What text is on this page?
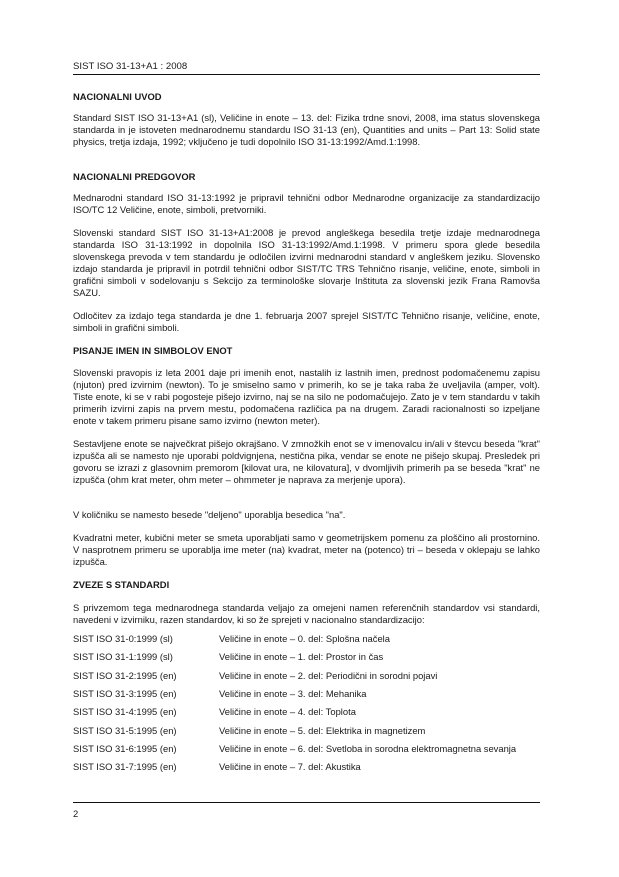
SIST ISO 31-13+A1 : 2008
NACIONALNI UVOD

Standard SIST ISO 31-13+A1 (sl), Veličine in enote – 13. del: Fizika trdne snovi, 2008, ima status slovenskega standarda in je istoveten mednarodnemu standardu ISO 31-13 (en), Quantities and units – Part 13: Solid state physics, tretja izdaja, 1992; vključeno je tudi dopolnilo ISO 31-13:1992/Amd.1:1998.

NACIONALNI PREDGOVOR

Mednarodni standard ISO 31-13:1992 je pripravil tehnični odbor Mednarodne organizacije za standardizacijo ISO/TC 12 Veličine, enote, simboli, pretvorniki.

Slovenski standard SIST ISO 31-13+A1:2008 je prevod angleškega besedila tretje izdaje mednarodnega standarda ISO 31-13:1992 in dopolnila ISO 31-13:1992/Amd.1:1998. V primeru spora glede besedila slovenskega prevoda v tem standardu je odločilen izvirni mednarodni standard v angleškem jeziku. Slovensko izdajo standarda je pripravil in potrdil tehnični odbor SIST/TC TRS Tehnično risanje, veličine, enote, simboli in grafični simboli v sodelovanju s Sekcijo za terminološke slovarje Inštituta za slovenski jezik Frana Ramovša SAZU.

Odločitev za izdajo tega standarda je dne 1. februarja 2007 sprejel SIST/TC Tehnično risanje, veličine, enote, simboli in grafični simboli.

PISANJE IMEN IN SIMBOLOV ENOT

Slovenski pravopis iz leta 2001 daje pri imenih enot, nastalih iz lastnih imen, prednost podomačenemu zapisu (njuton) pred izvirnim (newton). To je smiselno samo v primerih, ko se je taka raba že uveljavila (amper, volt). Tiste enote, ki se v rabi pogosteje pišejo izvirno, naj se na silo ne podomačujejo. Zato je v tem standardu v takih primerih izvirni zapis na prvem mestu, podomačena različica pa na drugem. Zaradi racionalnosti so izpeljane enote v takem primeru pisane samo izvirno (newton meter).

Sestavljene enote se največkrat pišejo okrajšano. V zmnožkih enot se v imenovalcu in/ali v števcu beseda "krat" izpušča ali se namesto nje uporabi poldvignjena, nestična pika, vendar se enote ne pišejo skupaj. Presledek pri govoru se izrazi z glasovnim premorom [kilovat ura, ne kilovatura], v dvomljivih primerih pa se beseda "krat" ne izpušča (ohm krat meter, ohm meter – ohmmeter je naprava za merjenje upora).

V količniku se namesto besede "deljeno" uporablja besedica "na".

Kvadratni meter, kubični meter se smeta uporabljati samo v geometrijskem pomenu za ploščino ali prostornino. V nasprotnem primeru se uporablja ime meter (na) kvadrat, meter na (potenco) tri – beseda v oklepaju se lahko izpušča.

ZVEZE S STANDARDI

S privzemom tega mednarodnega standarda veljajo za omejeni namen referenčnih standardov vsi standardi, navedeni v izvirniku, razen standardov, ki so že sprejeti v nacionalno standardizacijo:

SIST ISO 31-0:1999 (sl)	Veličine in enote – 0. del: Splošna načela
SIST ISO 31-1:1999 (sl)	Veličine in enote – 1. del: Prostor in čas
SIST ISO 31-2:1995 (en)	Veličine in enote – 2. del: Periodični in sorodni pojavi
SIST ISO 31-3:1995 (en)	Veličine in enote – 3. del: Mehanika
SIST ISO 31-4:1995 (en)	Veličine in enote – 4. del: Toplota
SIST ISO 31-5:1995 (en)	Veličine in enote – 5. del: Elektrika in magnetizem
SIST ISO 31-6:1995 (en)	Veličine in enote – 6. del: Svetloba in sorodna elektromagnetna sevanja
SIST ISO 31-7:1995 (en)	Veličine in enote – 7. del: Akustika
2
